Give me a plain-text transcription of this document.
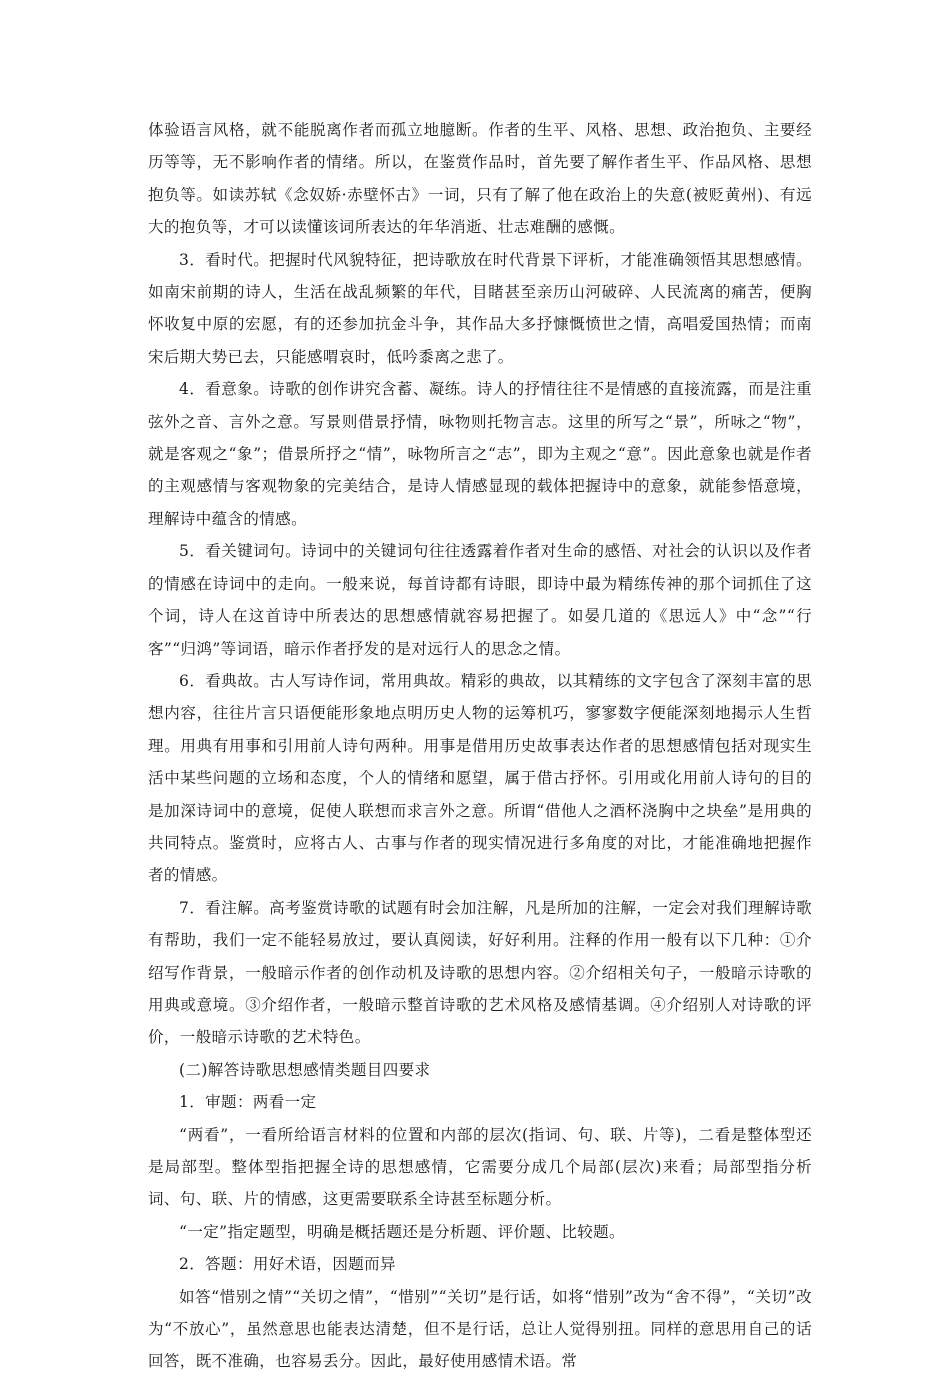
体验语言风格，就不能脱离作者而孤立地臆断。作者的生平、风格、思想、政治抱负、主要经历等等，无不影响作者的情绪。所以，在鉴赏作品时，首先要了解作者生平、作品风格、思想抱负等。如读苏轼《念奴娇·赤壁怀古》一词，只有了解了他在政治上的失意(被贬黄州)、有远大的抱负等，才可以读懂该词所表达的年华消逝、壮志难酬的感慨。

3．看时代。把握时代风貌特征，把诗歌放在时代背景下评析，才能准确领悟其思想感情。如南宋前期的诗人，生活在战乱频繁的年代，目睹甚至亲历山河破碎、人民流离的痛苦，便胸怀收复中原的宏愿，有的还参加抗金斗争，其作品大多抒慷慨愤世之情，高唱爱国热情；而南宋后期大势已去，只能感喟哀时，低吟黍离之悲了。

4．看意象。诗歌的创作讲究含蓄、凝练。诗人的抒情往往不是情感的直接流露，而是注重弦外之音、言外之意。写景则借景抒情，咏物则托物言志。这里的所写之“景”，所咏之“物”，就是客观之“象”；借景所抒之“情”，咏物所言之“志”，即为主观之“意”。因此意象也就是作者的主观感情与客观物象的完美结合，是诗人情感显现的载体把握诗中的意象，就能参悟意境，理解诗中蕴含的情感。

5．看关键词句。诗词中的关键词句往往透露着作者对生命的感悟、对社会的认识以及作者的情感在诗词中的走向。一般来说，每首诗都有诗眼，即诗中最为精练传神的那个词抓住了这个词，诗人在这首诗中所表达的思想感情就容易把握了。如晏几道的《思远人》中“念”“行客”“归鸿”等词语，暗示作者抒发的是对远行人的思念之情。

6．看典故。古人写诗作词，常用典故。精彩的典故，以其精练的文字包含了深刻丰富的思想内容，往往片言只语便能形象地点明历史人物的运筹机巧，寥寥数字便能深刻地揭示人生哲理。用典有用事和引用前人诗句两种。用事是借用历史故事表达作者的思想感情包括对现实生活中某些问题的立场和态度，个人的情绪和愿望，属于借古抒怀。引用或化用前人诗句的目的是加深诗词中的意境，促使人联想而求言外之意。所谓“借他人之酒杯浇胸中之块垒”是用典的共同特点。鉴赏时，应将古人、古事与作者的现实情况进行多角度的对比，才能准确地把握作者的情感。

7．看注解。高考鉴赏诗歌的试题有时会加注解，凡是所加的注解，一定会对我们理解诗歌有帮助，我们一定不能轻易放过，要认真阅读，好好利用。注释的作用一般有以下几种：①介绍写作背景，一般暗示作者的创作动机及诗歌的思想内容。②介绍相关句子，一般暗示诗歌的用典或意境。③介绍作者，一般暗示整首诗歌的艺术风格及感情基调。④介绍别人对诗歌的评价，一般暗示诗歌的艺术特色。

(二)解答诗歌思想感情类题目四要求

1．审题：两看一定

“两看”，一看所给语言材料的位置和内部的层次(指词、句、联、片等)，二看是整体型还是局部型。整体型指把握全诗的思想感情，它需要分成几个局部(层次)来看；局部型指分析词、句、联、片的情感，这更需要联系全诗甚至标题分析。

“一定”指定题型，明确是概括题还是分析题、评价题、比较题。

2．答题：用好术语，因题而异

如答“惜别之情”“关切之情”，“惜别”“关切”是行话，如将“惜别”改为“舍不得”，“关切”改为“不放心”，虽然意思也能表达清楚，但不是行话，总让人觉得别扭。同样的意思用自己的话回答，既不准确，也容易丢分。因此，最好使用感情术语。常
